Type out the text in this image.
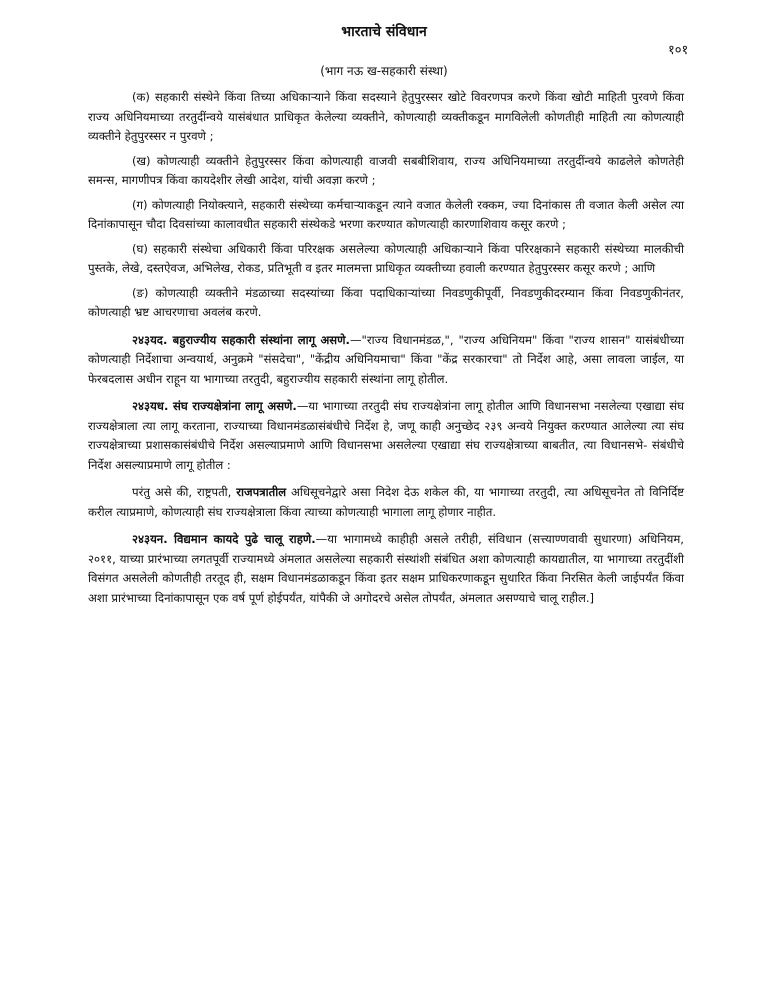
भारताचे संविधान
१०१
(भाग नऊ ख-सहकारी संस्था)

(क) सहकारी संस्थेने किंवा तिच्या अधिकाऱ्याने किंवा सदस्याने हेतुपुरस्सर खोटे विवरणपत्र करणे किंवा खोटी माहिती पुरवणे किंवा राज्य अधिनियमाच्या तरतुदींन्वये यासंबंधात प्राधिकृत केलेल्या व्यक्तीने, कोणत्याही व्यक्तीकडून मागविलेली कोणतीही माहिती त्या कोणत्याही व्यक्तीने हेतुपुरस्सर न पुरवणे ;

(ख) कोणत्याही व्यक्तीने हेतुपुरस्सर किंवा कोणत्याही वाजवी सबबीशिवाय, राज्य अधिनियमाच्या तरतुदींन्वये काढलेले कोणतेही समन्स, मागणीपत्र किंवा कायदेशीर लेखी आदेश, यांची अवज्ञा करणे ;

(ग) कोणत्याही नियोक्त्याने, सहकारी संस्थेच्या कर्मचाऱ्याकडून त्याने वजात केलेली रक्कम, ज्या दिनांकास ती वजात केली असेल त्या दिनांकापासून चौदा दिवसांच्या कालावधीत सहकारी संस्थेकडे भरणा करण्यात कोणत्याही कारणाशिवाय कसूर करणे ;

(घ) सहकारी संस्थेचा अधिकारी किंवा परिरक्षक असलेल्या कोणत्याही अधिकाऱ्याने किंवा परिरक्षकाने सहकारी संस्थेच्या मालकीची पुस्तके, लेखे, दस्तऐवज, अभिलेख, रोकड, प्रतिभूती व इतर मालमत्ता प्राधिकृत व्यक्तीच्या हवाली करण्यात हेतुपुरस्सर कसूर करणे ; आणि

(ङ) कोणत्याही व्यक्तीने मंडळाच्या सदस्यांच्या किंवा पदाधिकाऱ्यांच्या निवडणुकीपूर्वी, निवडणुकीदरम्यान किंवा निवडणुकीनंतर, कोणत्याही भ्रष्ट आचरणाचा अवलंब करणे.

२४३यद. बहुराज्यीय सहकारी संस्थांना लागू असणे.—"राज्य विधानमंडळ,", "राज्य अधिनियम" किंवा "राज्य शासन" यासंबंधीच्या कोणत्याही निर्देशाचा अन्वयार्थ, अनुक्रमे "संसदेचा", "केंद्रीय अधिनियमाचा" किंवा "केंद्र सरकारचा" तो निर्देश आहे, असा लावला जाईल, या फेरबदलास अधीन राहून या भागाच्या तरतुदी, बहुराज्यीय सहकारी संस्थांना लागू होतील.

२४३यध. संघ राज्यक्षेत्रांना लागू असणे.—या भागाच्या तरतुदी संघ राज्यक्षेत्रांना लागू होतील आणि विधानसभा नसलेल्या एखाद्या संघ राज्यक्षेत्राला त्या लागू करताना, राज्याच्या विधानमंडळासंबंधीचे निर्देश हे, जणू काही अनुच्छेद २३९ अन्वये नियुक्त करण्यात आलेल्या त्या संघ राज्यक्षेत्राच्या प्रशासकासंबंधीचे निर्देश असल्याप्रमाणे आणि विधानसभा असलेल्या एखाद्या संघ राज्यक्षेत्राच्या बाबतीत, त्या विधानसभे- संबंधीचे निर्देश असल्याप्रमाणे लागू होतील :

परंतु असे की, राष्ट्रपती, राजपत्रातील अधिसूचनेद्वारे असा निदेश देऊ शकेल की, या भागाच्या तरतुदी, त्या अधिसूचनेत तो विनिर्दिष्ट करील त्याप्रमाणे, कोणत्याही संघ राज्यक्षेत्राला किंवा त्याच्या कोणत्याही भागाला लागू होणार नाहीत.

२४३यन. विद्यमान कायदे पुढे चालू राहणे.—या भागामध्ये काहीही असले तरीही, संविधान (सत्त्याण्णवावी सुधारणा) अधिनियम, २०११, याच्या प्रारंभाच्या लगतपूर्वी राज्यामध्ये अंमलात असलेल्या सहकारी संस्थांशी संबंधित अशा कोणत्याही कायद्यातील, या भागाच्या तरतुदींशी विसंगत असलेली कोणतीही तरतूद ही, सक्षम विधानमंडळाकडून किंवा इतर सक्षम प्राधिकरणाकडून सुधारित किंवा निरसित केली जाईपर्यंत किंवा अशा प्रारंभाच्या दिनांकापासून एक वर्ष पूर्ण होईपर्यंत, यांपैकी जे अगोदरचे असेल तोपर्यंत, अंमलात असण्याचे चालू राहील.]
